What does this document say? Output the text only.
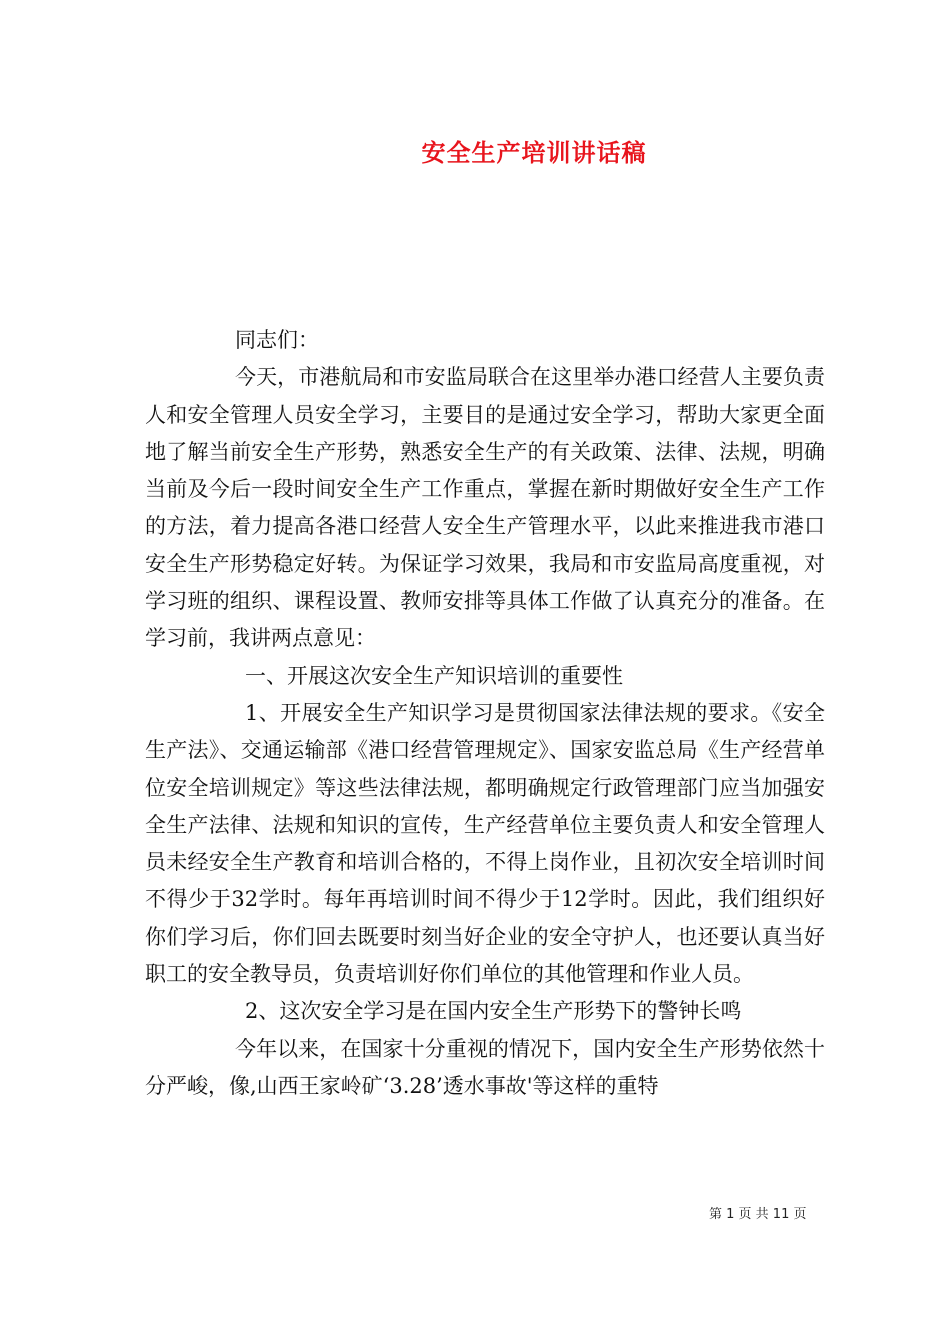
安全生产培训讲话稿

同志们：

今天，市港航局和市安监局联合在这里举办港口经营人主要负责人和安全管理人员安全学习，主要目的是通过安全学习，帮助大家更全面地了解当前安全生产形势，熟悉安全生产的有关政策、法律、法规，明确当前及今后一段时间安全生产工作重点，掌握在新时期做好安全生产工作的方法，着力提高各港口经营人安全生产管理水平，以此来推进我市港口安全生产形势稳定好转。为保证学习效果，我局和市安监局高度重视，对学习班的组织、课程设置、教师安排等具体工作做了认真充分的准备。在学习前，我讲两点意见：

一、开展这次安全生产知识培训的重要性

1、开展安全生产知识学习是贯彻国家法律法规的要求。《安全生产法》、交通运输部《港口经营管理规定》、国家安监总局《生产经营单位安全培训规定》等这些法律法规，都明确规定行政管理部门应当加强安全生产法律、法规和知识的宣传，生产经营单位主要负责人和安全管理人员未经安全生产教育和培训合格的，不得上岗作业，且初次安全培训时间不得少于32学时。每年再培训时间不得少于12学时。因此，我们组织好你们学习后，你们回去既要时刻当好企业的安全守护人，也还要认真当好职工的安全教导员，负责培训好你们单位的其他管理和作业人员。

2、这次安全学习是在国内安全生产形势下的警钟长鸣

今年以来，在国家十分重视的情况下，国内安全生产形势依然十分严峻，像,山西王家岭矿‘3.28’透水事故'等这样的重特

第 1 页 共 11 页
